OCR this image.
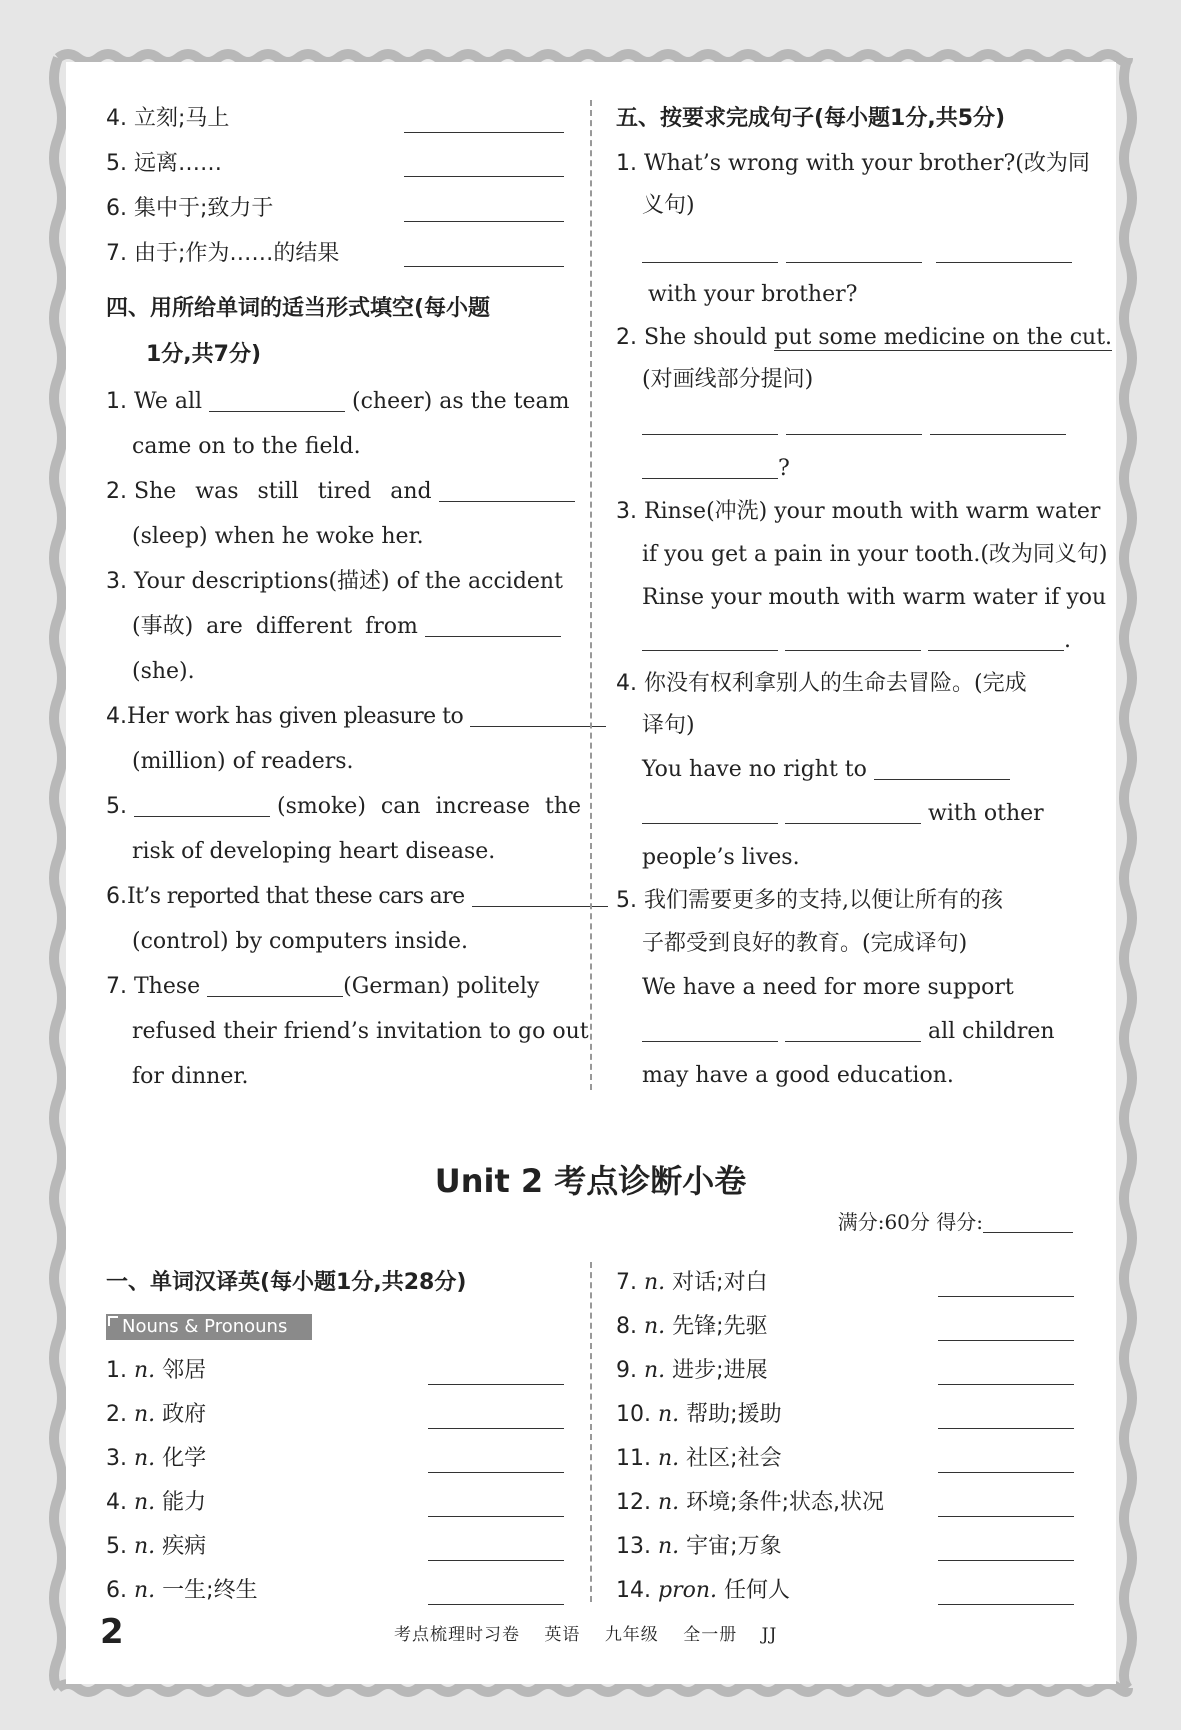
4. 立刻;马上
5. 远离……
6. 集中于;致力于
7. 由于;作为……的结果
四、用所给单词的适当形式填空(每小题
1分,共7分)
1. We all	(cheer) as the team
came on to the field.
2. She was still tired and
(sleep) when he woke her.
3. Your descriptions(描述) of the accident
(事故) are different from
(she).
4.Her work has given pleasure to
(million) of readers.
5.	(smoke) can increase the
risk of developing heart disease.
6.It’s reported that these cars are
(control) by computers inside.
7. These	(German) politely
refused their friend’s invitation to go out
for dinner.
五、按要求完成句子(每小题1分,共5分)
1. What’s wrong with your brother?(改为同
义句)
with your brother?
2. She should put some medicine on the cut.
(对画线部分提问)
?
3. Rinse(冲洗) your mouth with warm water
if you get a pain in your tooth.(改为同义句)
Rinse your mouth with warm water if you
.
4. 你没有权利拿别人的生命去冒险。(完成
译句)
You have no right to
with other
people’s lives.
5. 我们需要更多的支持,以便让所有的孩
子都受到良好的教育。(完成译句)
We have a need for more support
all children
may have a good education.
Unit 2 考点诊断小卷
满分:60分 得分:
一、单词汉译英(每小题1分,共28分)
Nouns & Pronouns
1. n. 邻居
2. n. 政府
3. n. 化学
4. n. 能力
5. n. 疾病
6. n. 一生;终生
7. n. 对话;对白
8. n. 先锋;先驱
9. n. 进步;进展
10. n. 帮助;援助
11. n. 社区;社会
12. n. 环境;条件;状态,状况
13. n. 宇宙;万象
14. pron. 任何人
2	考点梳理时习卷 英语 九年级 全一册 JJ
